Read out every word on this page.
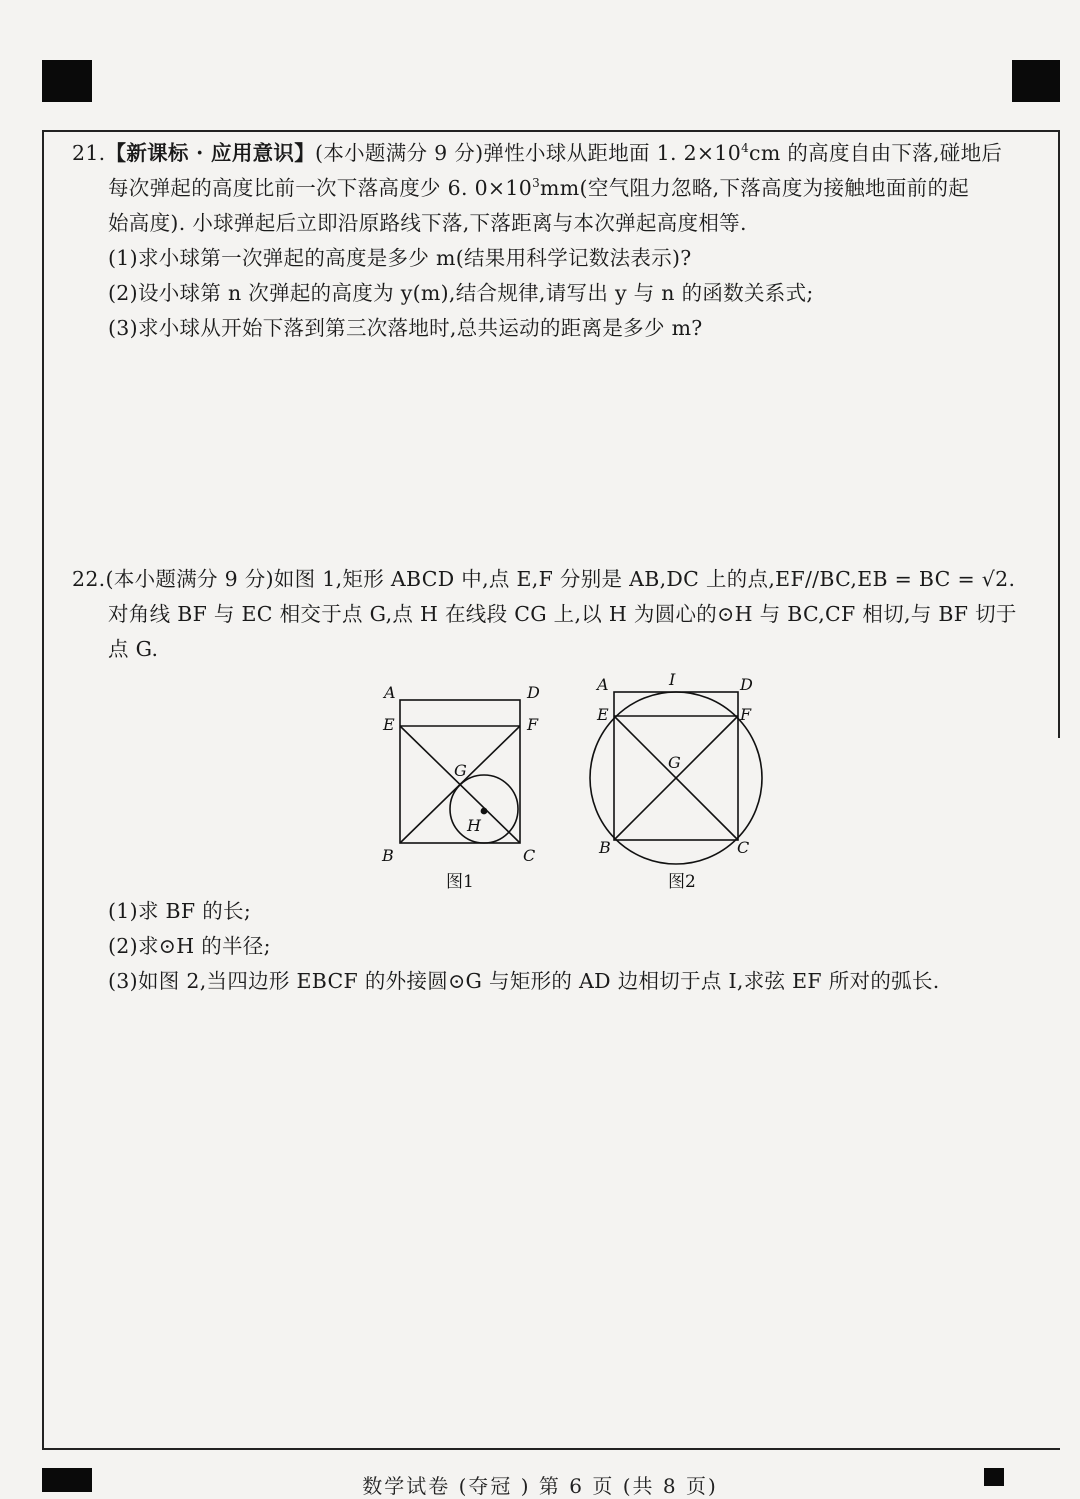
21.【新课标 · 应用意识】(本小题满分 9 分)弹性小球从距地面 1. $2\times 10^4cm$ 的高度自由下落,碰地后

每次弹起的高度比前一次下落高度少 6. $0\times 10^3mm$(空气阻力忽略,下落高度为接触地面前的起

始高度). 小球弹起后立即沿原路线下落,下落距离与本次弹起高度相等.

(1)求小球第一次弹起的高度是多少 m(结果用科学记数法表示)?

(2)设小球第 n 次弹起的高度为 y(m),结合规律,请写出 y 与 n 的函数关系式;

(3)求小球从开始下落到第三次落地时,总共运动的距离是多少 m?

22.(本小题满分 9 分)如图 1,矩形 ABCD 中,点 E,F 分别是 AB,DC 上的点,EF//BC,EB = BC = √2.

对角线 BF 与 EC 相交于点 G,点 H 在线段 CG 上,以 H 为圆心的⊙H 与 BC,CF 相切,与 BF 切于

点 G.

A	D
E	F
G
H
B	C
图1
A	I	D
E	F
G
B	C
图2

(1)求 BF 的长;

(2)求⊙H 的半径;

(3)如图 2,当四边形 EBCF 的外接圆⊙G 与矩形的 AD 边相切于点 I,求弦 EF 所对的弧长.

数学试卷 (夺冠 ) 第 6 页 (共 8 页)
